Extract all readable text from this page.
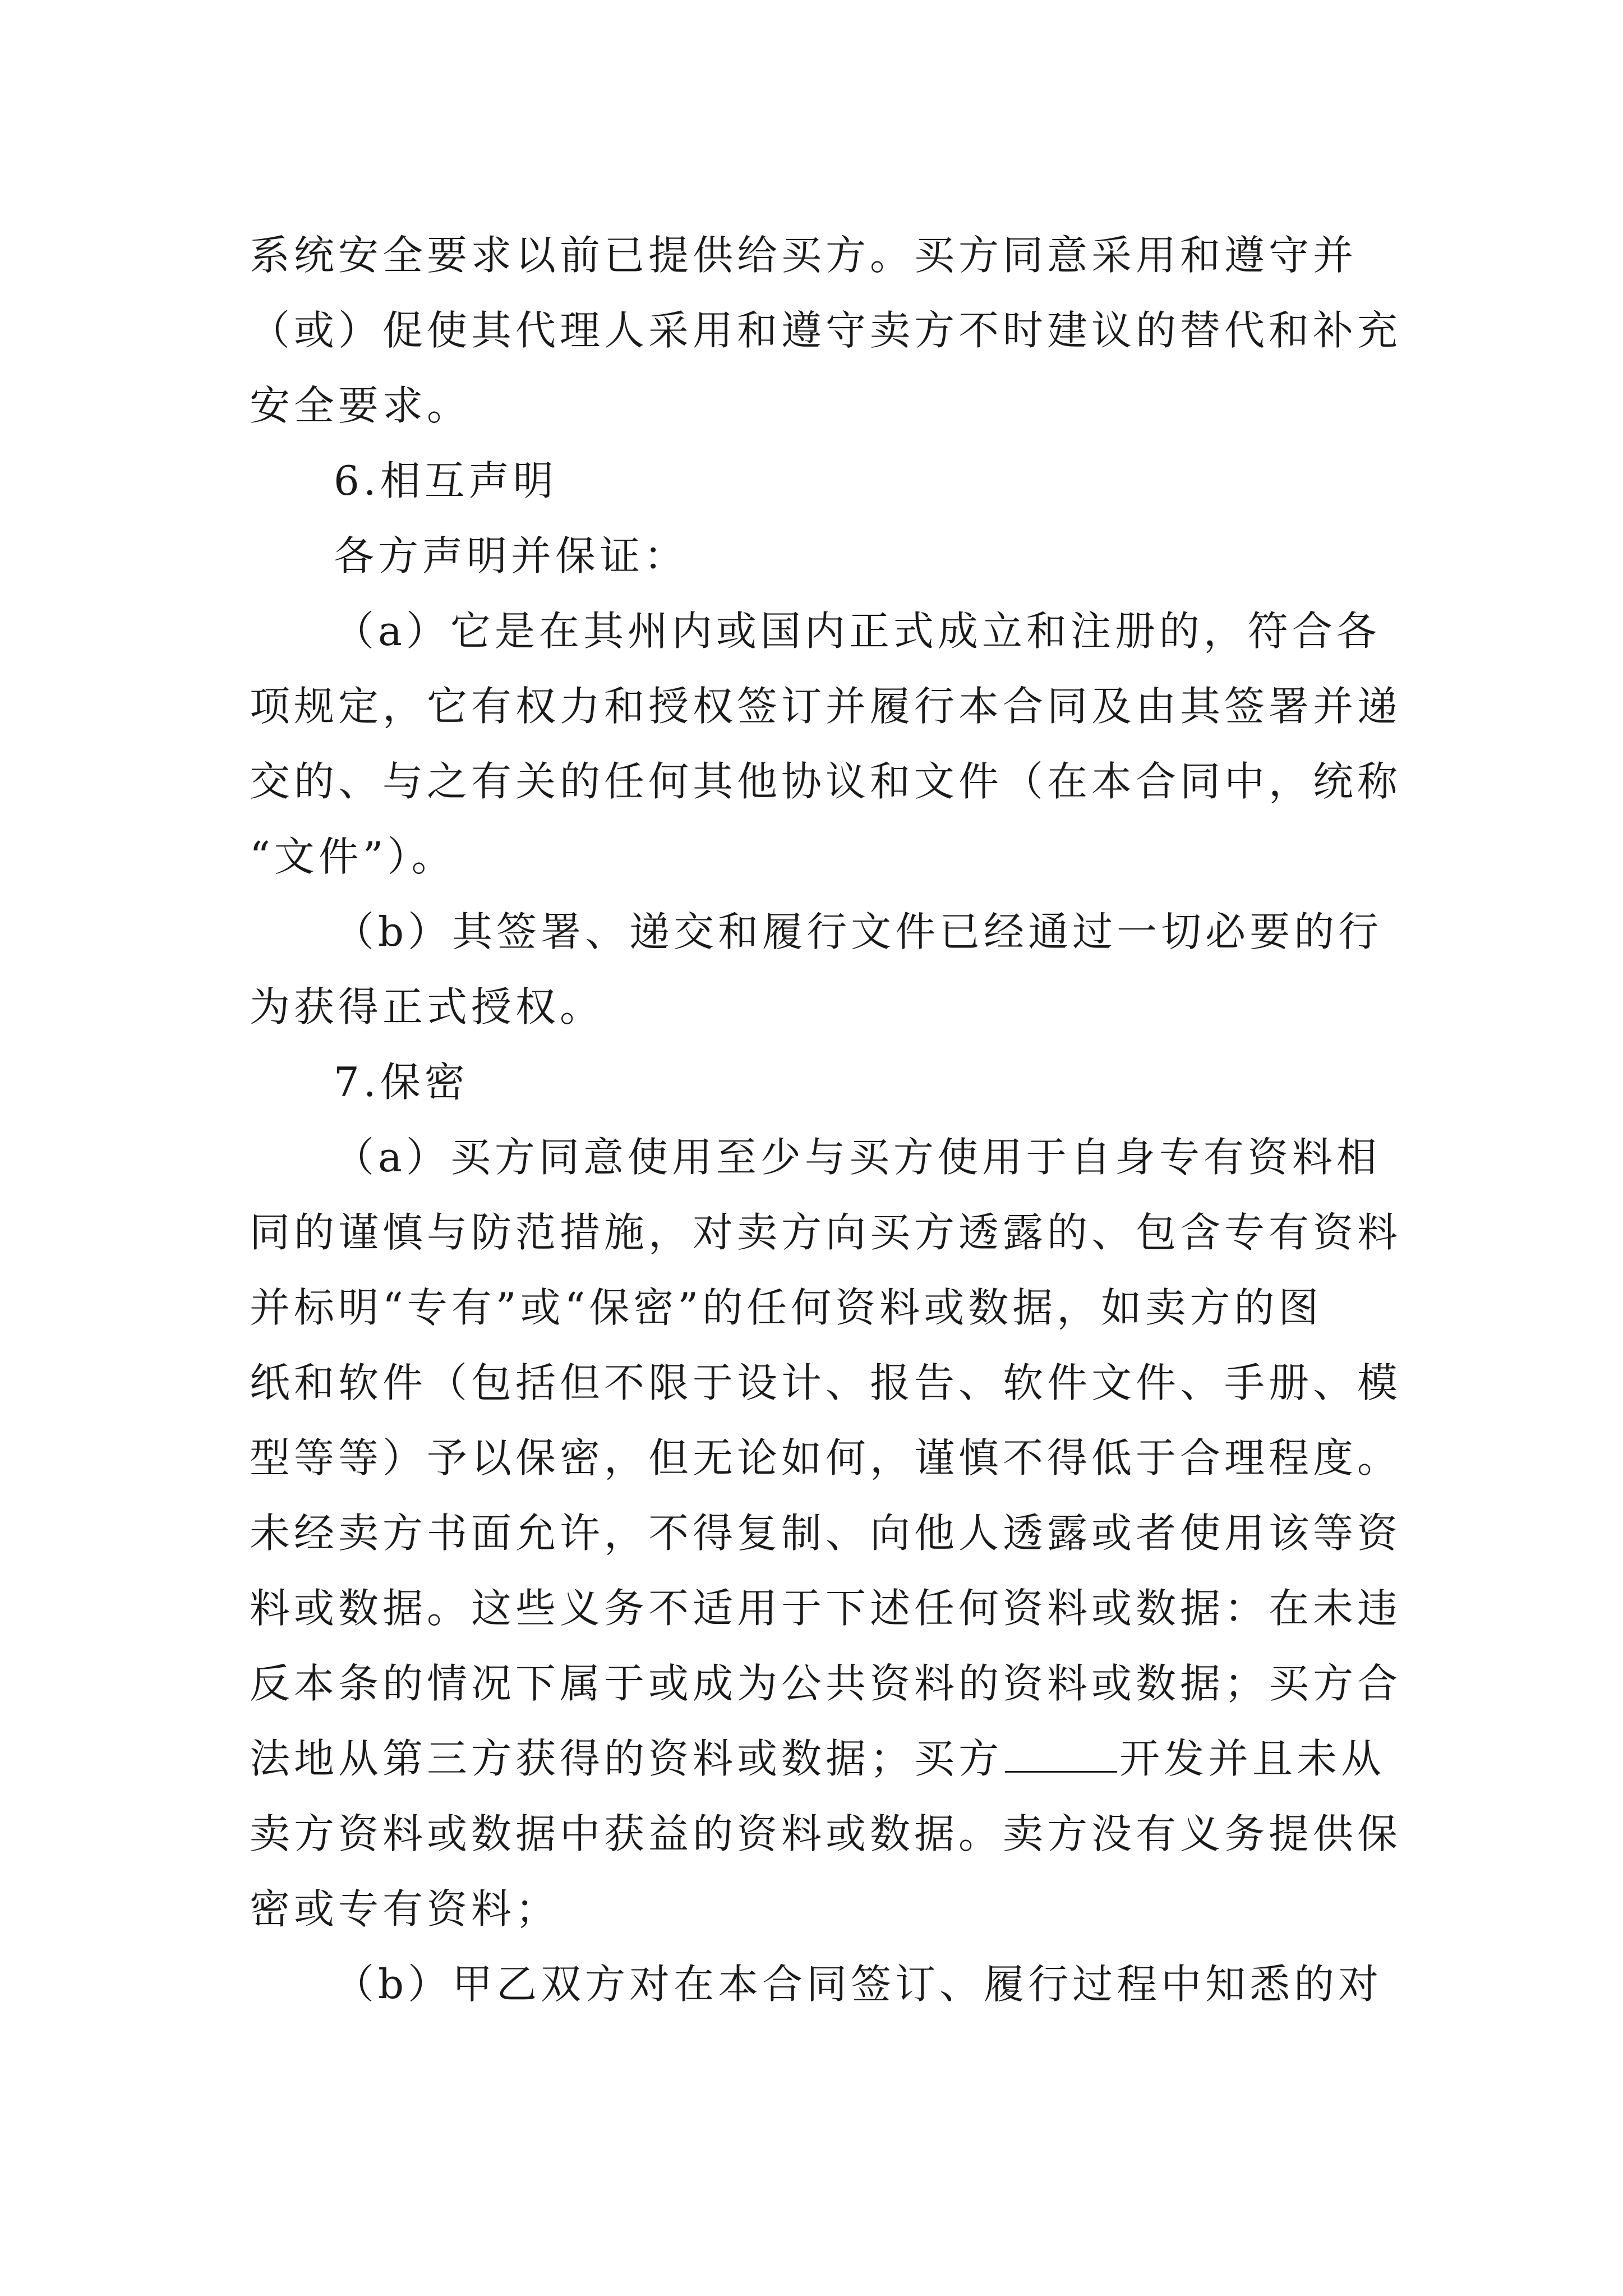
系统安全要求以前已提供给买方。买方同意采用和遵守并
（或）促使其代理人采用和遵守卖方不时建议的替代和补充
安全要求。
6.相互声明
各方声明并保证：
（a）它是在其州内或国内正式成立和注册的，符合各
项规定，它有权力和授权签订并履行本合同及由其签署并递
交的、与之有关的任何其他协议和文件（在本合同中，统称
“文件”）。
（b）其签署、递交和履行文件已经通过一切必要的行
为获得正式授权。
7.保密
（a）买方同意使用至少与买方使用于自身专有资料相
同的谨慎与防范措施，对卖方向买方透露的、包含专有资料
并标明“专有”或“保密”的任何资料或数据，如卖方的图
纸和软件（包括但不限于设计、报告、软件文件、手册、模
型等等）予以保密，但无论如何，谨慎不得低于合理程度。
未经卖方书面允许，不得复制、向他人透露或者使用该等资
料或数据。这些义务不适用于下述任何资料或数据：在未违
反本条的情况下属于或成为公共资料的资料或数据；买方合
法地从第三方获得的资料或数据；买方	开发并且未从
卖方资料或数据中获益的资料或数据。卖方没有义务提供保
密或专有资料；
（b）甲乙双方对在本合同签订、履行过程中知悉的对
